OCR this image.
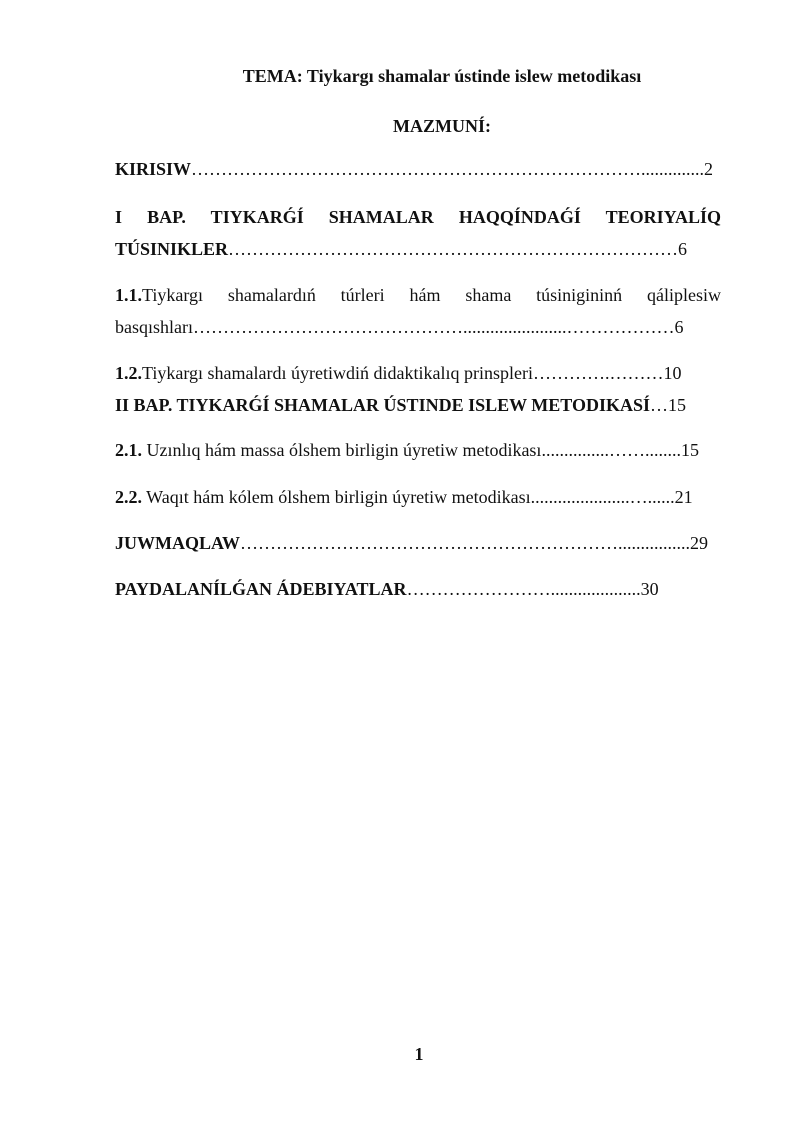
TEMA: Tiykargı shamalar ústinde islew metodikası
MAZMUNÍ:
KIRISIW…………………………………………………………………..............2
I BAP. TIYKARǴÍ SHAMALAR HAQQÍNDAǴÍ TEORIYALÍQ
TÚSINIKLER…………………………………………………………………6
1.1.Tiykargı shamalardıń túrleri hám shama túsinigininń qáliplesiw
basqıshları……………………………………….......................………………6
1.2.Tiykargı shamalardı úyretiwdiń didaktikalıq prinspleri………….………10
II BAP. TIYKARǴÍ SHAMALAR ÚSTINDE ISLEW METODIKASÍ…15
2.1. Uzınlıq hám massa ólshem birligin úyretiw metodikası...............……........15
2.2. Waqıt hám kólem ólshem birligin úyretiw metodikası......................…......21
JUWMAQLAW………………………………………………………................29
PAYDALANÍLǴAN ÁDEBIYATLAR……………………....................30
1
